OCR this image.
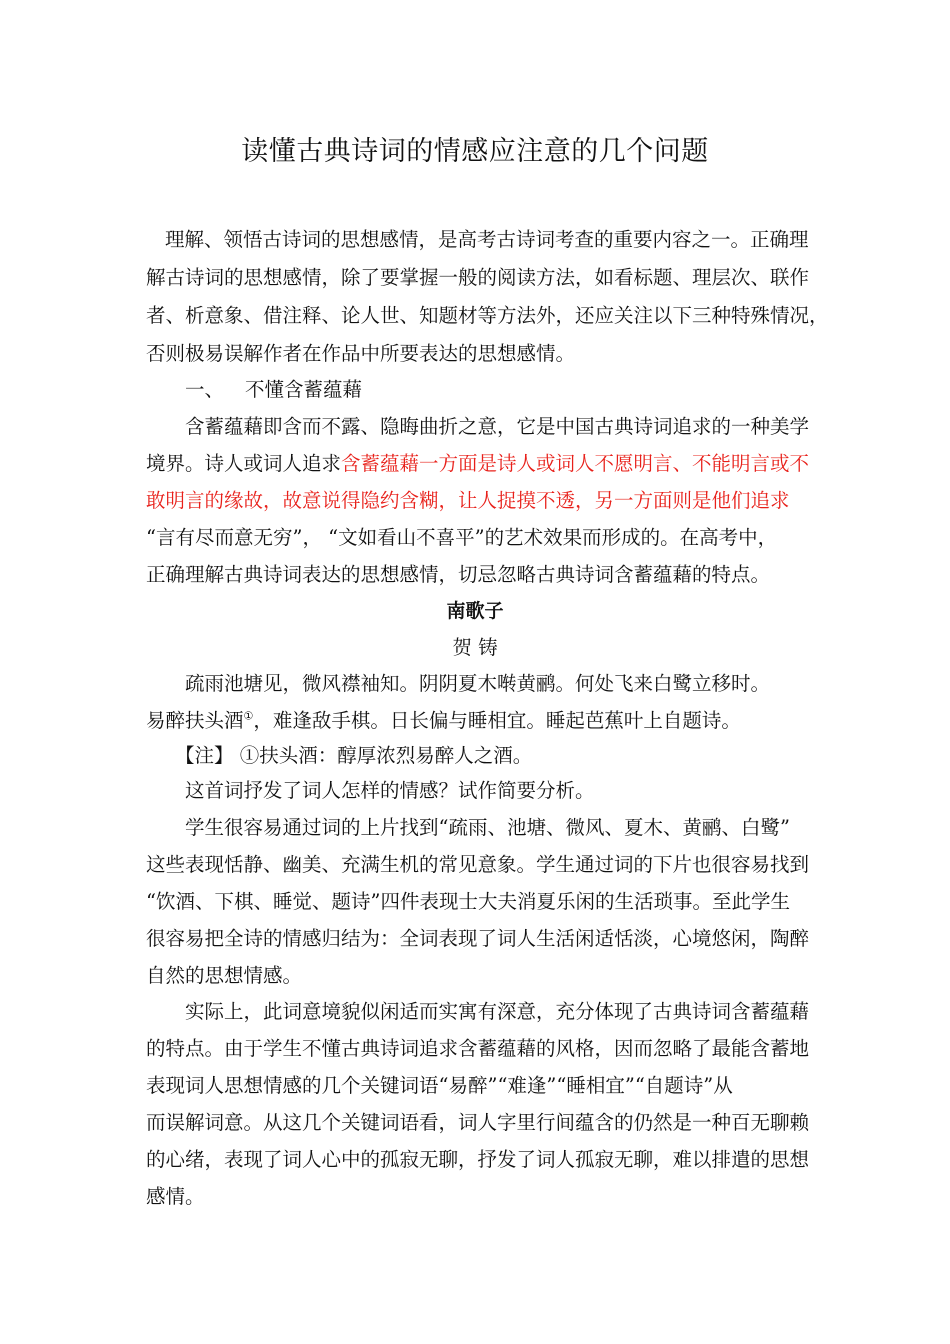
读懂古典诗词的情感应注意的几个问题
理解、领悟古诗词的思想感情，是高考古诗词考查的重要内容之一。正确理
解古诗词的思想感情，除了要掌握一般的阅读方法，如看标题、理层次、联作
者、析意象、借注释、论人世、知题材等方法外，还应关注以下三种特殊情况，
否则极易误解作者在作品中所要表达的思想感情。
一、 不懂含蓄蕴藉
含蓄蕴藉即含而不露、隐晦曲折之意，它是中国古典诗词追求的一种美学
境界。诗人或词人追求含蓄蕴藉一方面是诗人或词人不愿明言、不能明言或不
敢明言的缘故，故意说得隐约含糊，让人捉摸不透，另一方面则是他们追求
“言有尽而意无穷”， “文如看山不喜平”的艺术效果而形成的。在高考中，
正确理解古典诗词表达的思想感情，切忌忽略古典诗词含蓄蕴藉的特点。
南歌子
贺 铸
疏雨池塘见，微风襟袖知。阴阴夏木啭黄鹂。何处飞来白鹭立移时。
易醉扶头酒①，难逢敌手棋。日长偏与睡相宜。睡起芭蕉叶上自题诗。
【注】 ①扶头酒：醇厚浓烈易醉人之酒。
这首词抒发了词人怎样的情感？试作简要分析。
学生很容易通过词的上片找到“疏雨、池塘、微风、夏木、黄鹂、白鹭”
这些表现恬静、幽美、充满生机的常见意象。学生通过词的下片也很容易找到
“饮酒、下棋、睡觉、题诗”四件表现士大夫消夏乐闲的生活琐事。至此学生
很容易把全诗的情感归结为：全词表现了词人生活闲适恬淡，心境悠闲，陶醉
自然的思想情感。
实际上，此词意境貌似闲适而实寓有深意，充分体现了古典诗词含蓄蕴藉
的特点。由于学生不懂古典诗词追求含蓄蕴藉的风格，因而忽略了最能含蓄地
表现词人思想情感的几个关键词语“易醉”“难逢”“睡相宜”“自题诗”从
而误解词意。从这几个关键词语看，词人字里行间蕴含的仍然是一种百无聊赖
的心绪，表现了词人心中的孤寂无聊，抒发了词人孤寂无聊，难以排遣的思想
感情。
